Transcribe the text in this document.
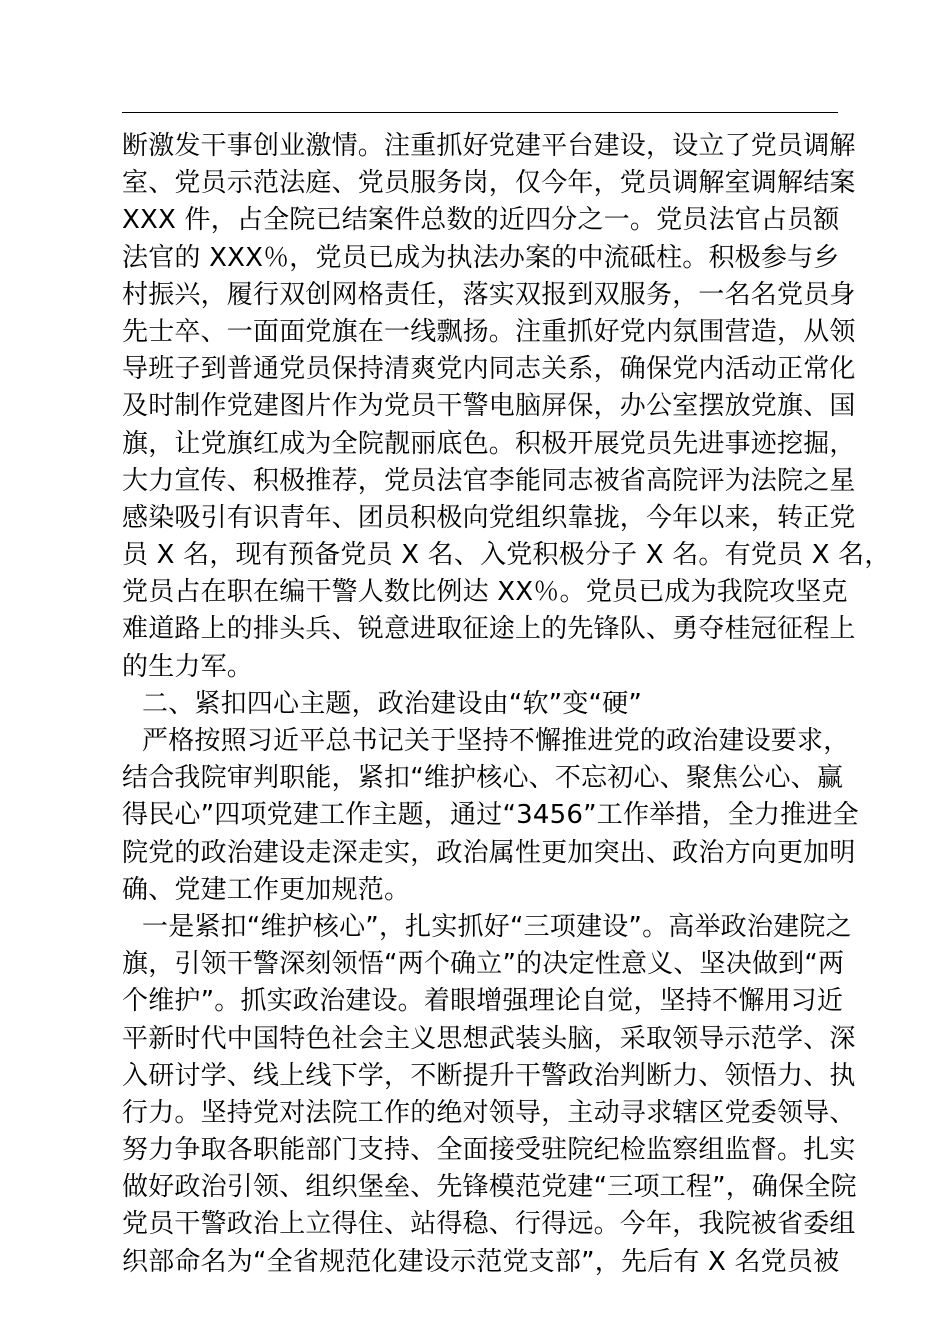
断激发干事创业激情。注重抓好党建平台建设，设立了党员调解
室、党员示范法庭、党员服务岗，仅今年，党员调解室调解结案
XXX 件，占全院已结案件总数的近四分之一。党员法官占员额
法官的 XXX％，党员已成为执法办案的中流砥柱。积极参与乡
村振兴，履行双创网格责任，落实双报到双服务，一名名党员身
先士卒、一面面党旗在一线飘扬。注重抓好党内氛围营造，从领
导班子到普通党员保持清爽党内同志关系，确保党内活动正常化
及时制作党建图片作为党员干警电脑屏保，办公室摆放党旗、国
旗，让党旗红成为全院靓丽底色。积极开展党员先进事迹挖掘，
大力宣传、积极推荐，党员法官李能同志被省高院评为法院之星
感染吸引有识青年、团员积极向党组织靠拢，今年以来，转正党
员 X 名，现有预备党员 X 名、入党积极分子 X 名。有党员 X 名，
党员占在职在编干警人数比例达 XX％。党员已成为我院攻坚克
难道路上的排头兵、锐意进取征途上的先锋队、勇夺桂冠征程上
的生力军。
二、紧扣四心主题，政治建设由“软”变“硬”
严格按照习近平总书记关于坚持不懈推进党的政治建设要求，
结合我院审判职能，紧扣“维护核心、不忘初心、聚焦公心、赢
得民心”四项党建工作主题，通过“3456”工作举措，全力推进全
院党的政治建设走深走实，政治属性更加突出、政治方向更加明
确、党建工作更加规范。
一是紧扣“维护核心”，扎实抓好“三项建设”。高举政治建院之
旗，引领干警深刻领悟“两个确立”的决定性意义、坚决做到“两
个维护”。抓实政治建设。着眼增强理论自觉，坚持不懈用习近
平新时代中国特色社会主义思想武装头脑，采取领导示范学、深
入研讨学、线上线下学，不断提升干警政治判断力、领悟力、执
行力。坚持党对法院工作的绝对领导，主动寻求辖区党委领导、
努力争取各职能部门支持、全面接受驻院纪检监察组监督。扎实
做好政治引领、组织堡垒、先锋模范党建“三项工程”，确保全院
党员干警政治上立得住、站得稳、行得远。今年，我院被省委组
织部命名为“全省规范化建设示范党支部”，先后有 X 名党员被
